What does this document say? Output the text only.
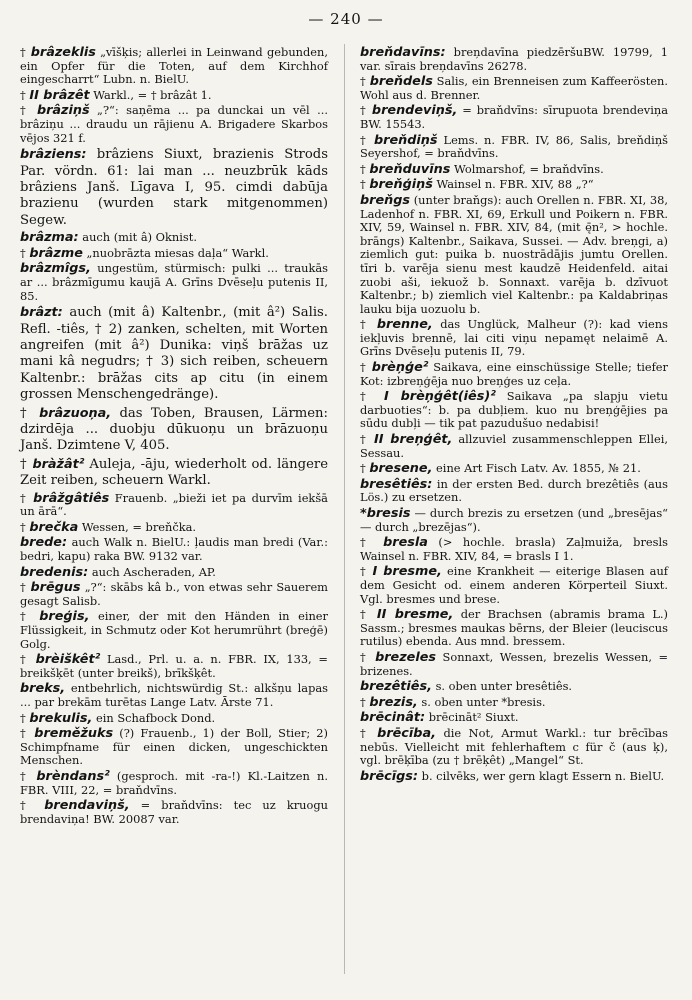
— 240 —
† brâzeklis „vīšķis; allerlei in Leinwand gebunden, ein Opfer für die Toten, auf dem Kirchhof eingescharrt“ Lubn. n. BielU.
† II brâzêt Warkl., = † brâzât 1.
† brâziņš „?“: saņēma ... pa dunckai un vēl ... brâziņu ... draudu un rājienu A. Brigadere Skarbos vējos 321 f.
brâziens: brâziens Siuxt, brazienis Strods Par. vördn. 61: lai man ... neuzbrūk kāds brâziens Janš. Līgava I, 95. cimdi dabūja brazienu (wurden stark mitgenommen) Segew.
brâzma: auch (mit â) Oknist.
† brâzme „nuobrāzta miesas daļa“ Warkl.
brâzmîgs, ungestüm, stürmisch: pulki ... traukās ar ... brâzmīgumu kaujā A. Grīns Dvēseļu putenis II, 85.
brâzt: auch (mit â) Kaltenbr., (mit â²) Salis. Refl. -tiês, † 2) zanken, schelten, mit Worten angreifen (mit â²) Dunika: viņš brāžas uz mani kâ negudrs; † 3) sich reiben, scheuern Kaltenbr.: brāžas cits ap citu (in einem grossen Menschengedränge).
† brâzuoņa, das Toben, Brausen, Lärmen: dzirdēja ... duobju dūkuoņu un brāzuoņu Janš. Dzimtene V, 405.
† bràžât² Auleja, -āju, wiederholt od. längere Zeit reiben, scheuern Warkl.
† brâžgâtiês Frauenb. „bieži iet pa durvīm iekšā un ārā“.
† brečka Wessen, = breňčka.
brede: auch Walk n. BielU.: ļaudis man bredi (Var.: bedri, kapu) raka BW. 9132 var.
bredenis: auch Ascheraden, AP.
† brēgus „?“: skābs kâ b., von etwas sehr Sauerem gesagt Salisb.
† breģis, einer, der mit den Händen in einer Flüssigkeit, in Schmutz oder Kot herumrührt (breģē) Golg.
† brèiškêt² Lasd., Prl. u. a. n. FBR. IX, 133, = breikšķēt (unter breikš), brīkšķêt.
breks, entbehrlich, nichtswürdig St.: alkšņu lapas ... par brekām turētas Lange Latv. Ārste 71.
† brekulis, ein Schafbock Dond.
† breměžuks (?) Frauenb., 1) der Boll, Stier; 2) Schimpfname für einen dicken, ungeschickten Menschen.
† brèndans² (gesproch. mit -ra-!) Kl.-Laitzen n. FBR. VIII, 22, = braňdvīns.
† brendaviņš, = braňdvīns: tec uz kruogu brendaviņa! BW. 20087 var.
breňdavīns: breņdavīna piedzēršuBW. 19799, 1 var. sīrais breņdavīns 26278.
† breňdels Salis, ein Brenneisen zum Kaffeerösten. Wohl aus d. Brenner.
† brendeviņš, = braňdvīns: sīrupuota brendeviņa BW. 15543.
† breňdiņš Lems. n. FBR. IV, 86, Salis, breňdiņš Seyershof, = braňdvīns.
† breňduvīns Wolmarshof, = braňdvīns.
† breňģiņš Wainsel n. FBR. XIV, 88 „?“
breňgs (unter braňgs): auch Orellen n. FBR. XI, 38, Ladenhof n. FBR. XI, 69, Erkull und Poikern n. FBR. XIV, 59, Wainsel n. FBR. XIV, 84, (mit ę̄n², > hochle. brāngs) Kaltenbr., Saikava, Sussei. — Adv. breņgi, a) ziemlich gut: puika b. nuostrādājis jumtu Orellen. tīri b. varēja sienu mest kaudzē Heidenfeld. aitai zuobi aši, iekuož b. Sonnaxt. varēja b. dzīvuot Kaltenbr.; b) ziemlich viel Kaltenbr.: pa Kaldabriņas lauku bija uozuolu b.
† brenne, das Unglück, Malheur (?): kad viens iekļuvis brennē, lai citi viņu nepamęt nelaimē A. Grīns Dvēseļu putenis II, 79.
† brèņģe² Saikava, eine einschüssige Stelle; tiefer Kot: izbreņģēja nuo breņģes uz ceļa.
† I brèņģêt(iês)² Saikava „pa slapju vietu darbuoties“: b. pa dubļiem. kuo nu breņģējies pa sūdu dubļi — tik pat pazudušuo nedabisi!
† II breņģêt, allzuviel zusammenschleppen Ellei, Sessau.
† bresene, eine Art Fisch Latv. Av. 1855, № 21.
bresêtiês: in der ersten Bed. durch brezêtiês (aus Lös.) zu ersetzen.
*bresis — durch brezis zu ersetzen (und „bresējas“ — durch „brezējas“).
† bresla (> hochle. brasla) Zaļmuiža, bresls Wainsel n. FBR. XIV, 84, = brasls I 1.
† I bresme, eine Krankheit — eiterige Blasen auf dem Gesicht od. einem anderen Körperteil Siuxt. Vgl. bresmes und brese.
† II bresme, der Brachsen (abramis brama L.) Sassm.; bresmes maukas bērns, der Bleier (leuciscus rutilus) ebenda. Aus mnd. bressem.
† brezeles Sonnaxt, Wessen, brezelis Wessen, = brizenes.
brezêtiês, s. oben unter bresêtiês.
† brezis, s. oben unter *bresis.
brēcinât: brēcināt² Siuxt.
† brēcība, die Not, Armut Warkl.: tur brēcības nebūs. Vielleicht mit fehlerhaftem c für č (aus ķ), vgl. brēķība (zu † brēķêt) „Mangel“ St.
brēcīgs: b. cilvēks, wer gern klagt Essern n. BielU.
